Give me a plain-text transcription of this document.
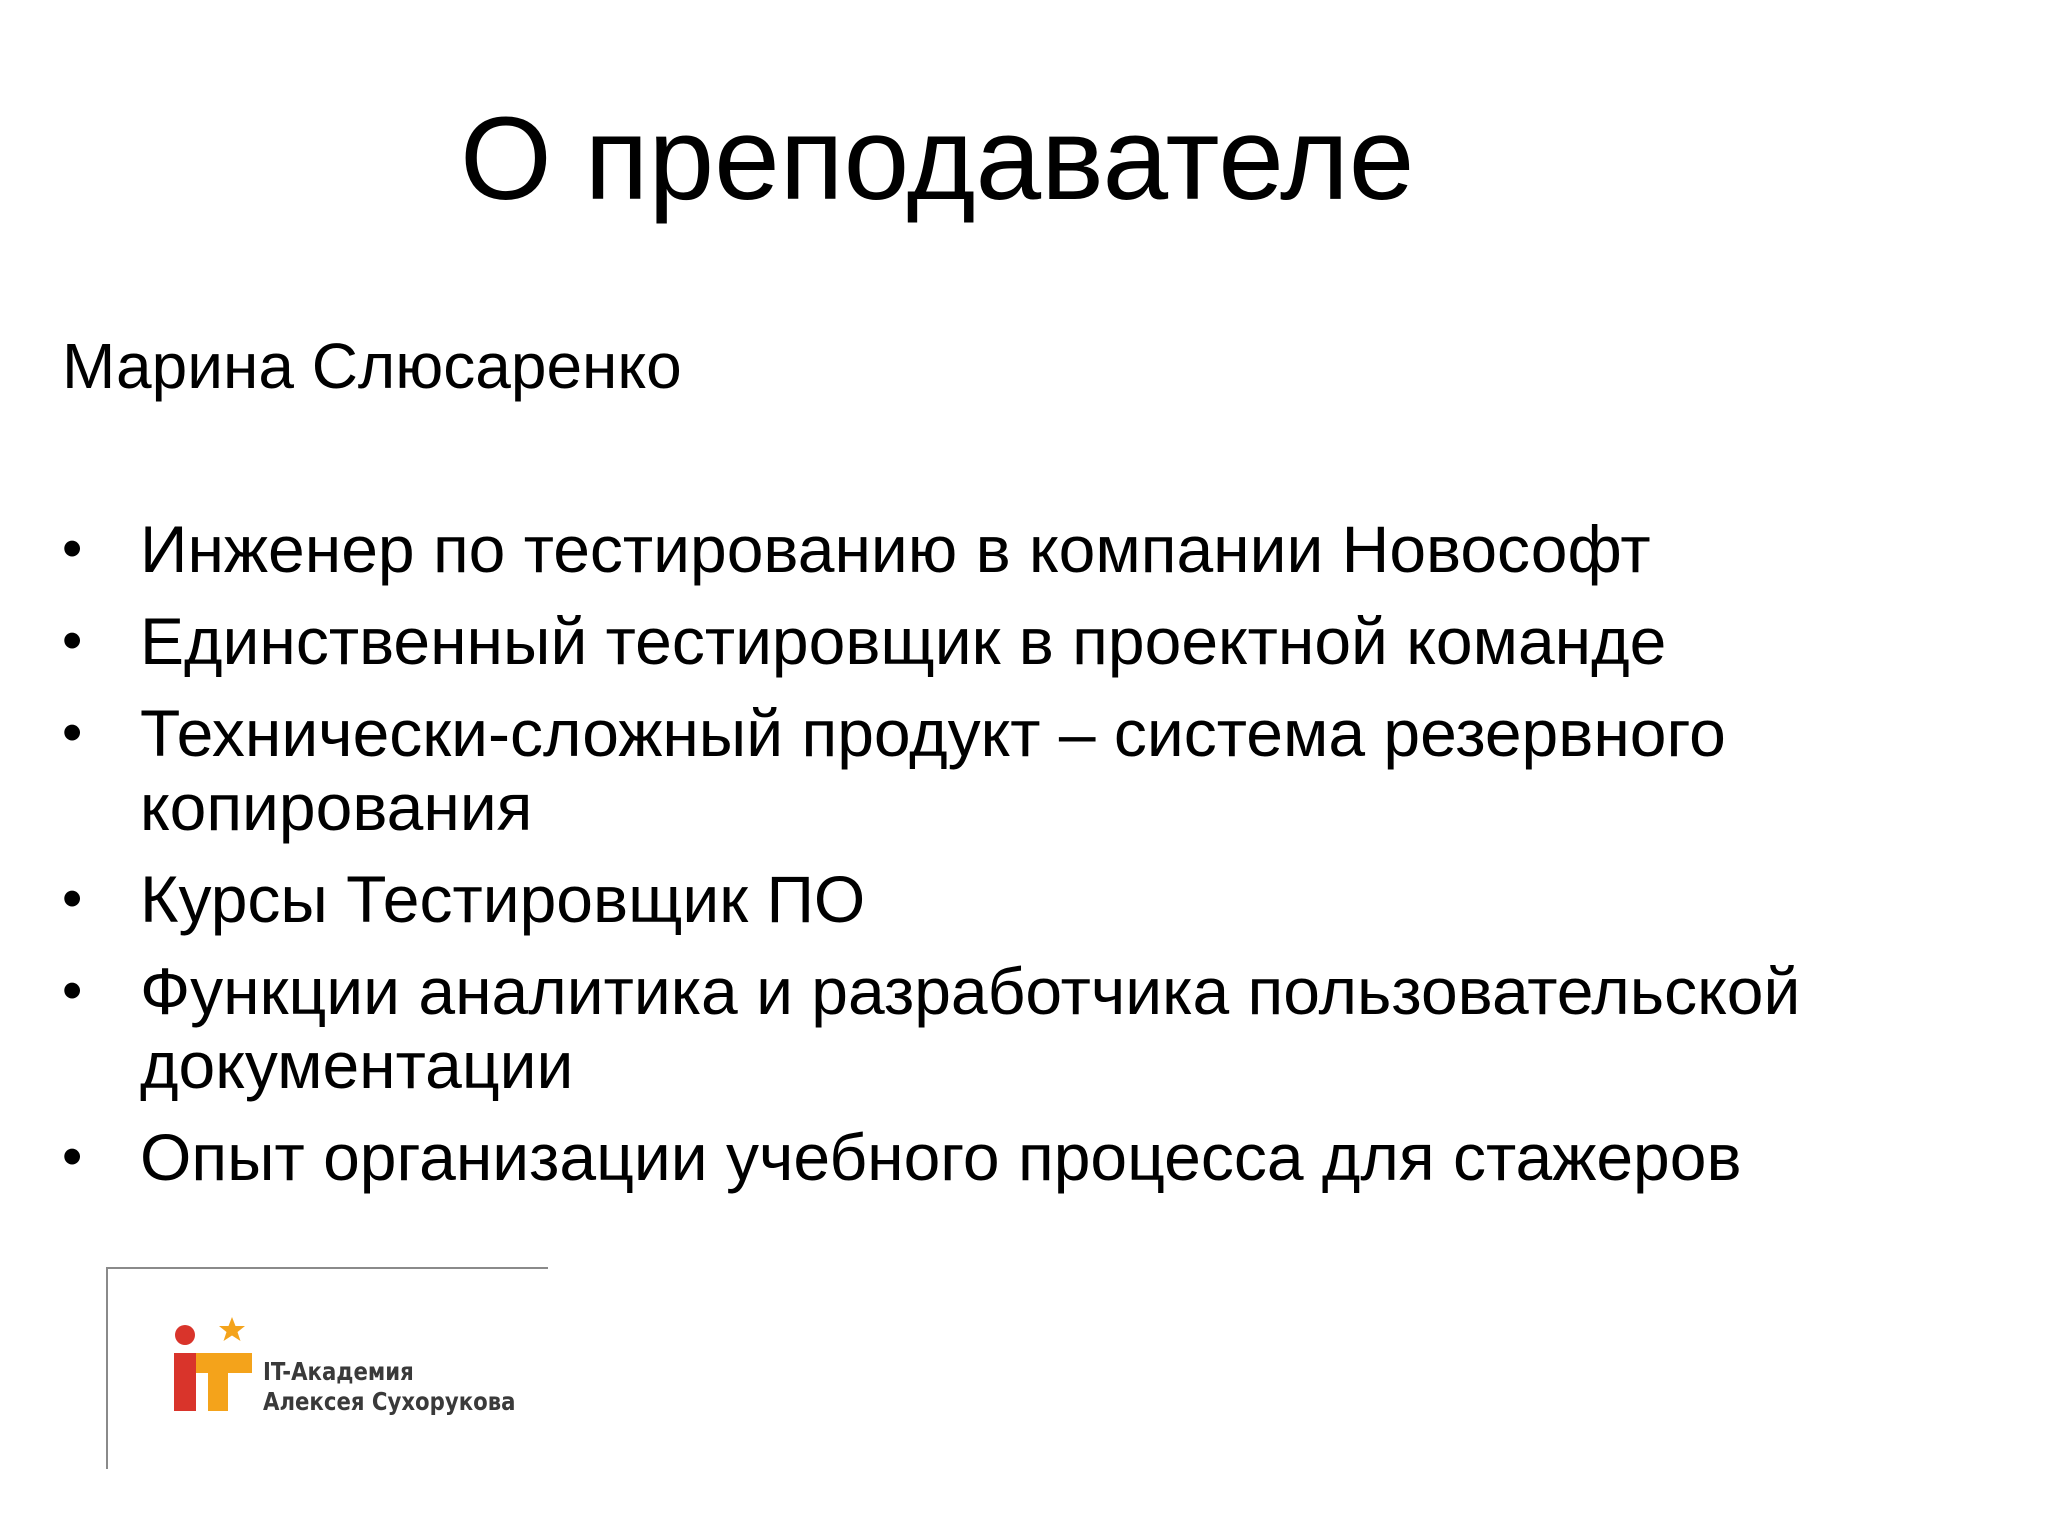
О преподавателе
Марина Слюсаренко
• Инженер по тестированию в компании Новософт
• Единственный тестировщик в проектной команде
• Технически-сложный продукт – система резервного копирования
• Курсы Тестировщик ПО
• Функции аналитика и разработчика пользовательской документации
• Опыт организации учебного процесса для стажеров
IT-Академия
Алексея Сухорукова
